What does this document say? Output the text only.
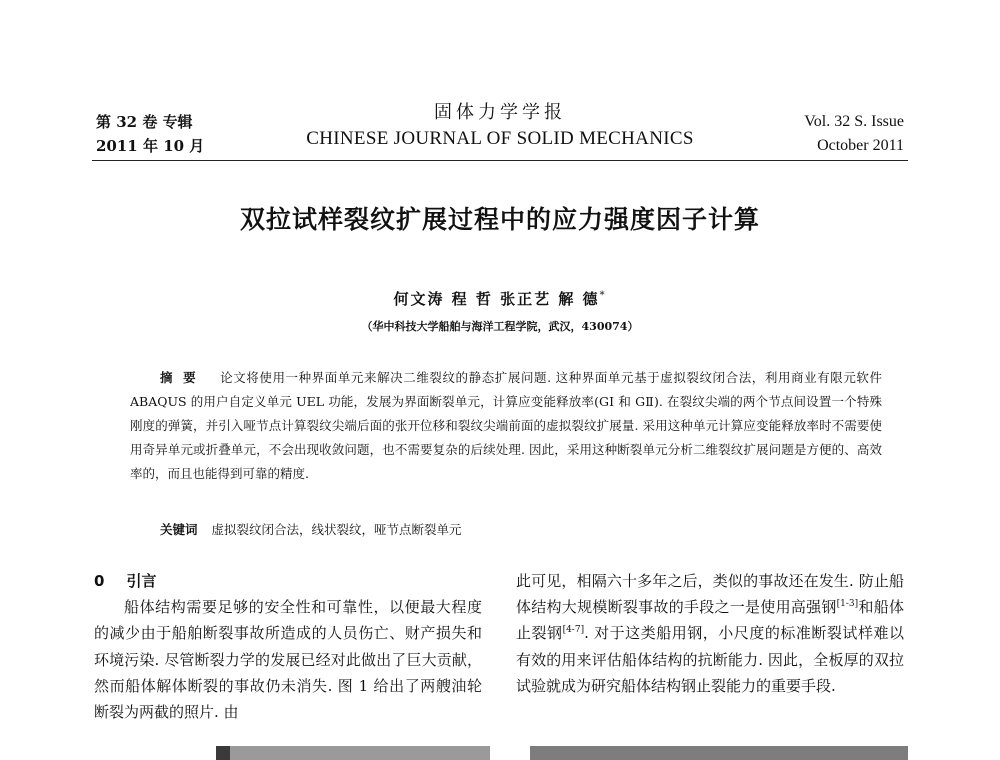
第 32 卷 专辑
2011 年 10 月
固体力学学报
CHINESE JOURNAL OF SOLID MECHANICS
Vol. 32 S. Issue
October 2011
双拉试样裂纹扩展过程中的应力强度因子计算
何文涛 程 哲 张正艺 解 德*
（华中科技大学船舶与海洋工程学院，武汉，430074）
摘要 论文将使用一种界面单元来解决二维裂纹的静态扩展问题. 这种界面单元基于虚拟裂纹闭合法，利用商业有限元软件 ABAQUS 的用户自定义单元 UEL 功能，发展为界面断裂单元，计算应变能释放率(GⅠ 和 GⅡ). 在裂纹尖端的两个节点间设置一个特殊刚度的弹簧，并引入哑节点计算裂纹尖端后面的张开位移和裂纹尖端前面的虚拟裂纹扩展量. 采用这种单元计算应变能释放率时不需要使用奇异单元或折叠单元，不会出现收敛问题，也不需要复杂的后续处理. 因此，采用这种断裂单元分析二维裂纹扩展问题是方便的、高效率的，而且也能得到可靠的精度.
关键词 虚拟裂纹闭合法，线状裂纹，哑节点断裂单元
0 引言
船体结构需要足够的安全性和可靠性，以便最大程度的减少由于船舶断裂事故所造成的人员伤亡、财产损失和环境污染. 尽管断裂力学的发展已经对此做出了巨大贡献，然而船体解体断裂的事故仍未消失. 图 1 给出了两艘油轮断裂为两截的照片. 由
此可见，相隔六十多年之后，类似的事故还在发生. 防止船体结构大规模断裂事故的手段之一是使用高强钢[1-3]和船体止裂钢[4-7]. 对于这类船用钢，小尺度的标准断裂试样难以有效的用来评估船体结构的抗断能力. 因此，全板厚的双拉试验就成为研究船体结构钢止裂能力的重要手段.
